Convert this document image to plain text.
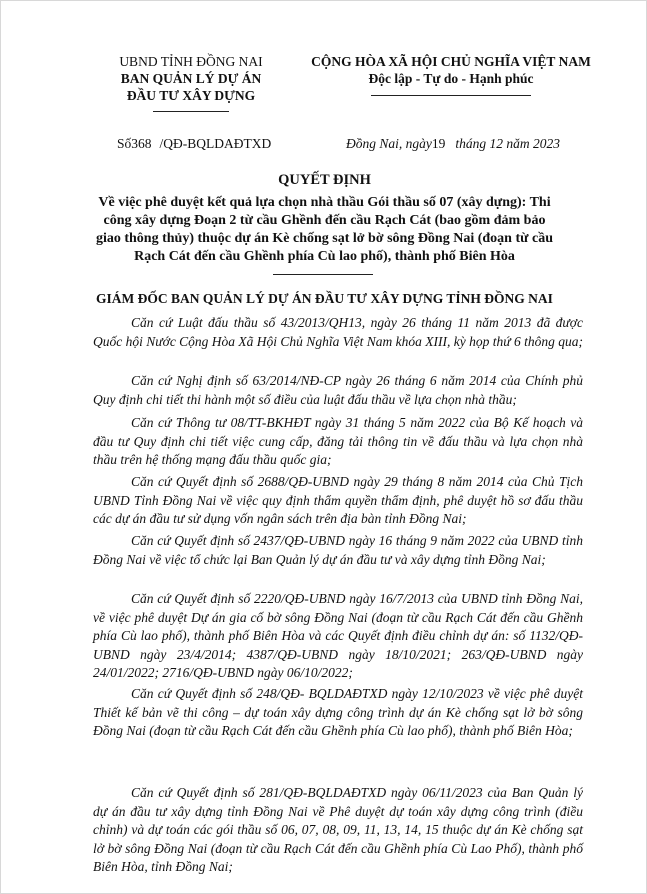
UBND TỈNH ĐỒNG NAI
BAN QUẢN LÝ DỰ ÁN
ĐẦU TƯ XÂY DỰNG
CỘNG HÒA XÃ HỘI CHỦ NGHĨA VIỆT NAM
Độc lập - Tự do - Hạnh phúc
Số368 /QĐ-BQLDAĐTXD	Đồng Nai, ngày19 tháng 12 năm 2023
QUYẾT ĐỊNH
Về việc phê duyệt kết quả lựa chọn nhà thầu Gói thầu số 07 (xây dựng): Thi
công xây dựng Đoạn 2 từ cầu Ghềnh đến cầu Rạch Cát (bao gồm đảm bảo
giao thông thủy) thuộc dự án Kè chống sạt lở bờ sông Đồng Nai (đoạn từ cầu
Rạch Cát đến cầu Ghềnh phía Cù lao phố), thành phố Biên Hòa
GIÁM ĐỐC BAN QUẢN LÝ DỰ ÁN ĐẦU TƯ XÂY DỰNG TỈNH ĐỒNG NAI
Căn cứ Luật đấu thầu số 43/2013/QH13, ngày 26 tháng 11 năm 2013 đã được Quốc hội Nước Cộng Hòa Xã Hội Chủ Nghĩa Việt Nam khóa XIII, kỳ họp thứ 6 thông qua;
Căn cứ Nghị định số 63/2014/NĐ-CP ngày 26 tháng 6 năm 2014 của Chính phủ Quy định chi tiết thi hành một số điều của luật đấu thầu về lựa chọn nhà thầu;
Căn cứ Thông tư 08/TT-BKHĐT ngày 31 tháng 5 năm 2022 của Bộ Kế hoạch và đầu tư Quy định chi tiết việc cung cấp, đăng tải thông tin về đấu thầu và lựa chọn nhà thầu trên hệ thống mạng đấu thầu quốc gia;
Căn cứ Quyết định số 2688/QĐ-UBND ngày 29 tháng 8 năm 2014 của Chủ Tịch UBND Tỉnh Đồng Nai về việc quy định thẩm quyền thẩm định, phê duyệt hồ sơ đấu thầu các dự án đầu tư sử dụng vốn ngân sách trên địa bàn tỉnh Đồng Nai;
Căn cứ Quyết định số 2437/QĐ-UBND ngày 16 tháng 9 năm 2022 của UBND tỉnh Đồng Nai về việc tổ chức lại Ban Quản lý dự án đầu tư và xây dựng tỉnh Đồng Nai;
Căn cứ Quyết định số 2220/QĐ-UBND ngày 16/7/2013 của UBND tỉnh Đồng Nai, về việc phê duyệt Dự án gia cố bờ sông Đồng Nai (đoạn từ cầu Rạch Cát đến cầu Ghềnh phía Cù lao phố), thành phố Biên Hòa và các Quyết định điều chỉnh dự án: số 1132/QĐ-UBND ngày 23/4/2014; 4387/QĐ-UBND ngày 18/10/2021; 263/QĐ-UBND ngày 24/01/2022; 2716/QĐ-UBND ngày 06/10/2022;
Căn cứ Quyết định số 248/QĐ- BQLDAĐTXD ngày 12/10/2023 về việc phê duyệt Thiết kế bản vẽ thi công – dự toán xây dựng công trình dự án Kè chống sạt lở bờ sông Đồng Nai (đoạn từ cầu Rạch Cát đến cầu Ghềnh phía Cù lao phố), thành phố Biên Hòa;
Căn cứ Quyết định số 281/QĐ-BQLDAĐTXD ngày 06/11/2023 của Ban Quản lý dự án đầu tư xây dựng tỉnh Đồng Nai về Phê duyệt dự toán xây dựng công trình (điều chỉnh) và dự toán các gói thầu số 06, 07, 08, 09, 11, 13, 14, 15 thuộc dự án Kè chống sạt lở bờ sông Đồng Nai (đoạn từ cầu Rạch Cát đến cầu Ghềnh phía Cù Lao Phố), thành phố Biên Hòa, tỉnh Đồng Nai;
